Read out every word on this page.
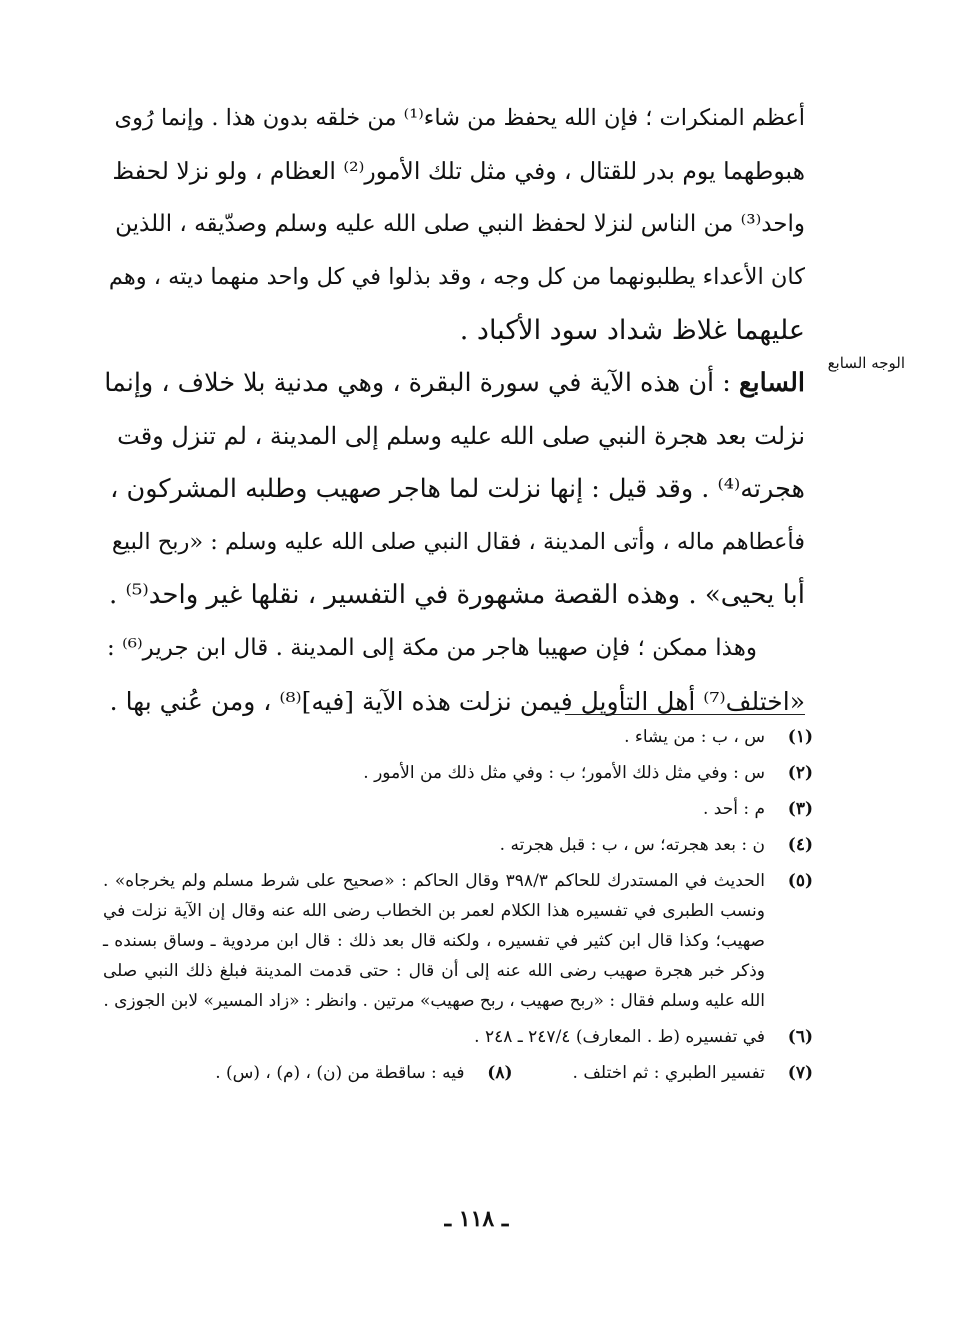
الوجه السابع
أعظم المنكرات ؛ فإن الله يحفظ من شاء⁽¹⁾ من خلقه بدون هذا . وإنما رُوى
هبوطهما يوم بدر للقتال ، وفي مثل تلك الأمور⁽²⁾ العظام ، ولو نزلا لحفظ
واحد⁽³⁾ من الناس لنزلا لحفظ النبي صلى الله عليه وسلم وصدّيقه ، اللذين
كان الأعداء يطلبونهما من كل وجه ، وقد بذلوا في كل واحد منهما ديته ، وهم
عليهما غلاظ شداد سود الأكباد .
السابع : أن هذه الآية في سورة البقرة ، وهي مدنية بلا خلاف ، وإنما
نزلت بعد هجرة النبي صلى الله عليه وسلم إلى المدينة ، لم تنزل وقت
هجرته⁽⁴⁾ . وقد قيل : إنها نزلت لما هاجر صهيب وطلبه المشركون ،
فأعطاهم ماله ، وأتى المدينة ، فقال النبي صلى الله عليه وسلم : «ربح البيع
أبا يحيى» . وهذه القصة مشهورة في التفسير ، نقلها غير واحد⁽⁵⁾ .
وهذا ممكن ؛ فإن صهيبا هاجر من مكة إلى المدينة . قال ابن جرير⁽⁶⁾ :
«اختلف⁽⁷⁾ أهل التأويل فيمن نزلت هذه الآية [فيه]⁽⁸⁾ ، ومن عُني بها .
(١)
س ، ب : من يشاء .
(٢)
س : وفي مثل ذلك الأمور؛ ب : وفي مثل ذلك من الأمور .
(٣)
م : أحد .
(٤)
ن : بعد هجرته؛ س ، ب : قبل هجرته .
(٥)
الحديث في المستدرك للحاكم ٣٩٨/٣ وقال الحاكم : «صحيح على شرط مسلم ولم يخرجاه» . ونسب الطبرى في تفسيره هذا الكلام لعمر بن الخطاب رضى الله عنه وقال إن الآية نزلت في صهيب؛ وكذا قال ابن كثير في تفسيره ، ولكنه قال بعد ذلك : قال ابن مردوية ـ وساق بسنده ـ وذكر خبر هجرة صهيب رضى الله عنه إلى أن قال : حتى قدمت المدينة فبلغ ذلك النبي صلى الله عليه وسلم فقال : «ربح صهيب ، ربح صهيب» مرتين . وانظر : «زاد المسير» لابن الجوزى .
(٦)
في تفسيره (ط . المعارف) ٢٤٧/٤ ـ ٢٤٨ .
(٧)
تفسير الطبري : ثم اختلف .
(٨)
فيه : ساقطة من (ن) ، (م) ، (س) .
ـ ١١٨ ـ
